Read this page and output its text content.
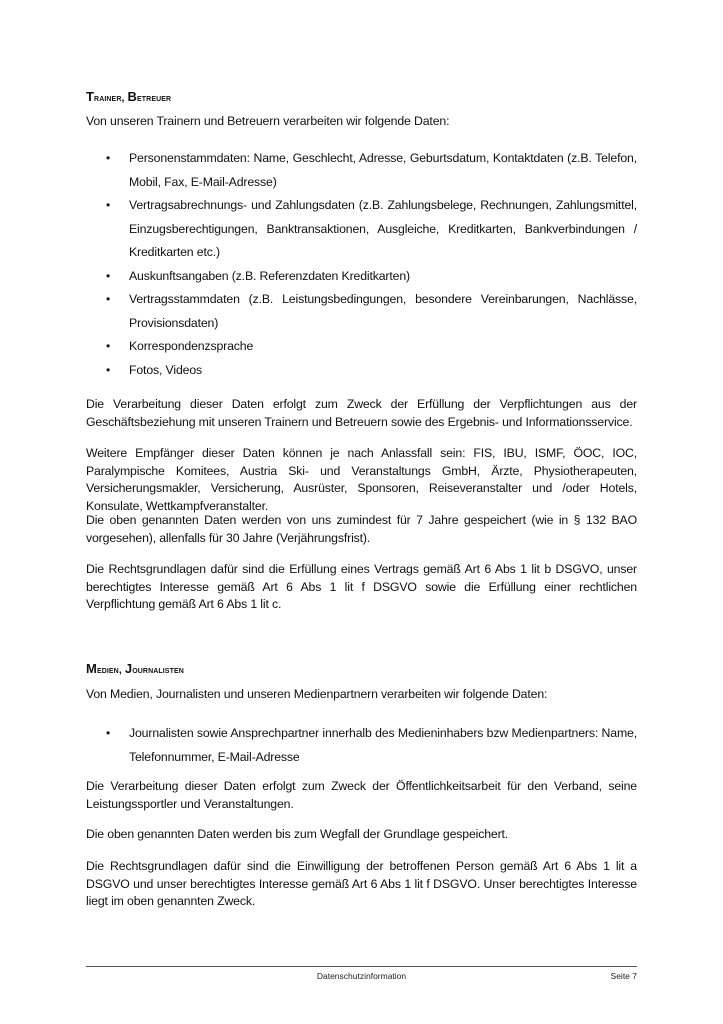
Trainer, Betreuer
Von unseren Trainern und Betreuern verarbeiten wir folgende Daten:
• Personenstammdaten: Name, Geschlecht, Adresse, Geburtsdatum, Kontaktdaten (z.B. Telefon, Mobil, Fax, E-Mail-Adresse)
• Vertragsabrechnungs- und Zahlungsdaten (z.B. Zahlungsbelege, Rechnungen, Zahlungsmittel, Einzugsberechtigungen, Banktransaktionen, Ausgleiche, Kreditkarten, Bankverbindungen / Kreditkarten etc.)
• Auskunftsangaben (z.B. Referenzdaten Kreditkarten)
• Vertragsstammdaten (z.B. Leistungsbedingungen, besondere Vereinbarungen, Nachlässe, Provisionsdaten)
• Korrespondenzsprache
• Fotos, Videos
Die Verarbeitung dieser Daten erfolgt zum Zweck der Erfüllung der Verpflichtungen aus der Geschäftsbeziehung mit unseren Trainern und Betreuern sowie des Ergebnis- und Informationsservice.
Weitere Empfänger dieser Daten können je nach Anlassfall sein: FIS, IBU, ISMF, ÖOC, IOC, Paralympische Komitees, Austria Ski- und Veranstaltungs GmbH, Ärzte, Physiotherapeuten, Versicherungsmakler, Versicherung, Ausrüster, Sponsoren, Reiseveranstalter und /oder Hotels, Konsulate, Wettkampfveranstalter.
Die oben genannten Daten werden von uns zumindest für 7 Jahre gespeichert (wie in § 132 BAO vorgesehen), allenfalls für 30 Jahre (Verjährungsfrist).
Die Rechtsgrundlagen dafür sind die Erfüllung eines Vertrags gemäß Art 6 Abs 1 lit b DSGVO, unser berechtigtes Interesse gemäß Art 6 Abs 1 lit f DSGVO sowie die Erfüllung einer rechtlichen Verpflichtung gemäß Art 6 Abs 1 lit c.
Medien, Journalisten
Von Medien, Journalisten und unseren Medienpartnern verarbeiten wir folgende Daten:
• Journalisten sowie Ansprechpartner innerhalb des Medieninhabers bzw Medienpartners: Name, Telefonnummer, E-Mail-Adresse
Die Verarbeitung dieser Daten erfolgt zum Zweck der Öffentlichkeitsarbeit für den Verband, seine Leistungssportler und Veranstaltungen.
Die oben genannten Daten werden bis zum Wegfall der Grundlage gespeichert.
Die Rechtsgrundlagen dafür sind die Einwilligung der betroffenen Person gemäß Art 6 Abs 1 lit a DSGVO und unser berechtigtes Interesse gemäß Art 6 Abs 1 lit f DSGVO. Unser berechtigtes Interesse liegt im oben genannten Zweck.
Datenschutzinformation	Seite 7
